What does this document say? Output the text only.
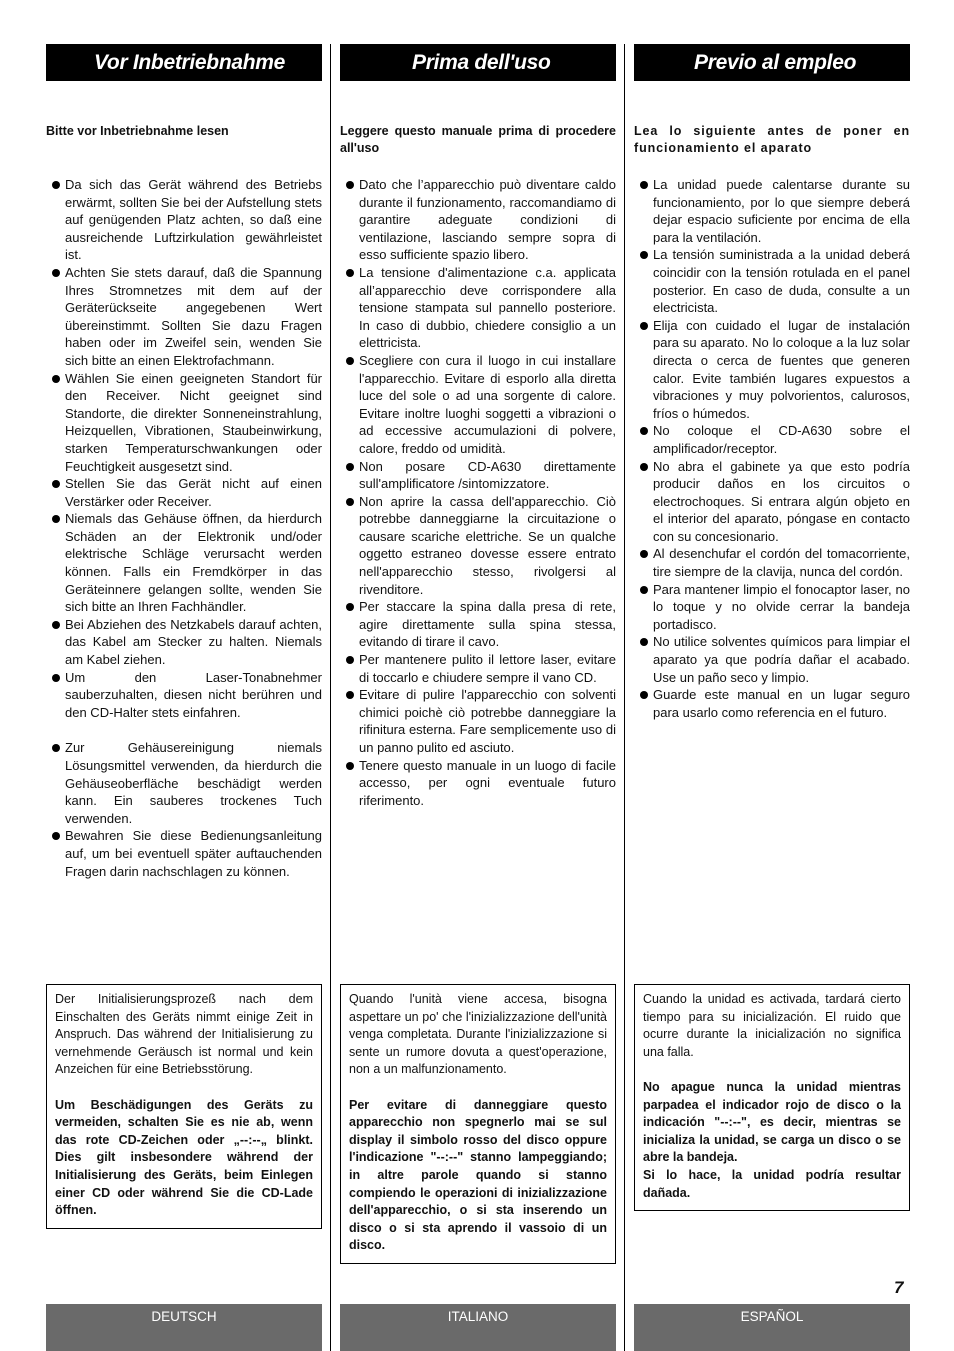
Vor Inbetriebnahme
Bitte vor Inbetriebnahme lesen
Da sich das Gerät während des Betriebs erwärmt, sollten Sie bei der Aufstellung stets auf genügenden Platz achten, so daß eine ausreichende Luftzirkulation gewährleistet ist.
Achten Sie stets darauf, daß die Spannung Ihres Stromnetzes mit dem auf der Geräterückseite angegebenen Wert übereinstimmt. Sollten Sie dazu Fragen haben oder im Zweifel sein, wenden Sie sich bitte an einen Elektrofachmann.
Wählen Sie einen geeigneten Standort für den Receiver. Nicht geeignet sind Standorte, die direkter Sonneneinstrahlung, Heizquellen, Vibrationen, Staubeinwirkung, starken Temperaturschwankungen oder Feuchtigkeit ausgesetzt sind.
Stellen Sie das Gerät nicht auf einen Verstärker oder Receiver.
Niemals das Gehäuse öffnen, da hierdurch Schäden an der Elektronik und/oder elektrische Schläge verursacht werden können. Falls ein Fremdkörper in das Geräteinnere gelangen sollte, wenden Sie sich bitte an Ihren Fachhändler.
Bei Abziehen des Netzkabels darauf achten, das Kabel am Stecker zu halten. Niemals am Kabel ziehen.
Um den Laser-Tonabnehmer sauberzuhalten, diesen nicht berühren und den CD-Halter stets einfahren.
Zur Gehäusereinigung niemals Lösungsmittel verwenden, da hierdurch die Gehäuseoberfläche beschädigt werden kann. Ein sauberes trockenes Tuch verwenden.
Bewahren Sie diese Bedienungsanleitung auf, um bei eventuell später auftauchenden Fragen darin nachschlagen zu können.
Prima dell'uso
Leggere questo manuale prima di procedere all'uso
Dato che l’apparecchio può diventare caldo durante il funzionamento, raccomandiamo di garantire adeguate condizioni di ventilazione, lasciando sempre sopra di esso sufficiente spazio libero.
La tensione d'alimentazione c.a. applicata all’apparecchio deve corrispondere alla tensione stampata sul pannello posteriore. In caso di dubbio, chiedere consiglio a un elettricista.
Scegliere con cura il luogo in cui installare l'apparecchio. Evitare di esporlo alla diretta luce del sole o ad una sorgente di calore. Evitare inoltre luoghi soggetti a vibrazioni o ad eccessive accumulazioni di polvere, calore, freddo od umidità.
Non posare CD-A630 direttamente sull'amplificatore /sintomizzatore.
Non aprire la cassa dell'apparecchio. Ciò potrebbe danneggiarne la circuitazione o causare scariche elettriche. Se un qualche oggetto estraneo dovesse essere entrato nell'apparecchio stesso, rivolgersi al rivenditore.
Per staccare la spina dalla presa di rete, agire direttamente sulla spina stessa, evitando di tirare il cavo.
Per mantenere pulito il lettore laser, evitare di toccarlo e chiudere sempre il vano CD.
Evitare di pulire l'apparecchio con solventi chimici poichè ciò potrebbe danneggiare la rifinitura esterna. Fare semplicemente uso di un panno pulito ed asciuto.
Tenere questo manuale in un luogo di facile accesso, per ogni eventuale futuro riferimento.
Previo al empleo
Lea lo siguiente antes de poner en funcionamiento el aparato
La unidad puede calentarse durante su funcionamiento, por lo que siempre deberá dejar espacio suficiente por encima de ella para la ventilación.
La tensión suministrada a la unidad deberá coincidir con la tensión rotulada en el panel posterior. En caso de duda, consulte a un electricista.
Elija con cuidado el lugar de instalación para su aparato. No lo coloque a la luz solar directa o cerca de fuentes que generen calor. Evite también lugares expuestos a vibraciones y muy polvorientos, calurosos, fríos o húmedos.
No coloque el CD-A630 sobre el amplificador/receptor.
No abra el gabinete ya que esto podría producir daños en los circuitos o electrochoques. Si entrara algún objeto en el interior del aparato, póngase en contacto con su concesionario.
Al desenchufar el cordón del tomacorriente, tire siempre de la clavija, nunca del cordón.
Para mantener limpio el fonocaptor laser, no lo toque y no olvide cerrar la bandeja portadisco.
No utilice solventes químicos para limpiar el aparato ya que podría dañar el acabado. Use un paño seco y limpio.
Guarde este manual en un lugar seguro para usarlo como referencia en el futuro.

Der Initialisierungsprozeß nach dem Einschalten des Geräts nimmt einige Zeit in Anspruch. Das während der Initialisierung zu vernehmende Geräusch ist normal und kein Anzeichen für eine Betriebsstörung.

Um Beschädigungen des Geräts zu vermeiden, schalten Sie es nie ab, wenn das rote CD-Zeichen oder „--:--„ blinkt. Dies gilt insbesondere während der Initialisierung des Geräts, beim Einlegen einer CD oder während Sie die CD-Lade öffnen.

Quando l'unità viene accesa, bisogna aspettare un po' che l'inizializzazione dell'unità venga completata. Durante l'inizializzazione si sente un rumore dovuta a quest'operazione, non a un malfunzionamento.

Per evitare di danneggiare questo apparecchio non spegnerlo mai se sul display il simbolo rosso del disco oppure l'indicazione "--:--" stanno lampeggiando; in altre parole quando si stanno compiendo le operazioni di inizializzazione dell'apparecchio, o si sta inserendo un disco o si sta aprendo il vassoio di un disco.

Cuando la unidad es activada, tardará cierto tiempo para su inicialización. El ruido que ocurre durante la inicialización no significa una falla.

No apague nunca la unidad mientras parpadea el indicador rojo de disco o la indicación "--:--", es decir, mientras se inicializa la unidad, se carga un disco o se abre la bandeja.

Si lo hace, la unidad podría resultar dañada.

7
DEUTSCH	ITALIANO	ESPAÑOL
